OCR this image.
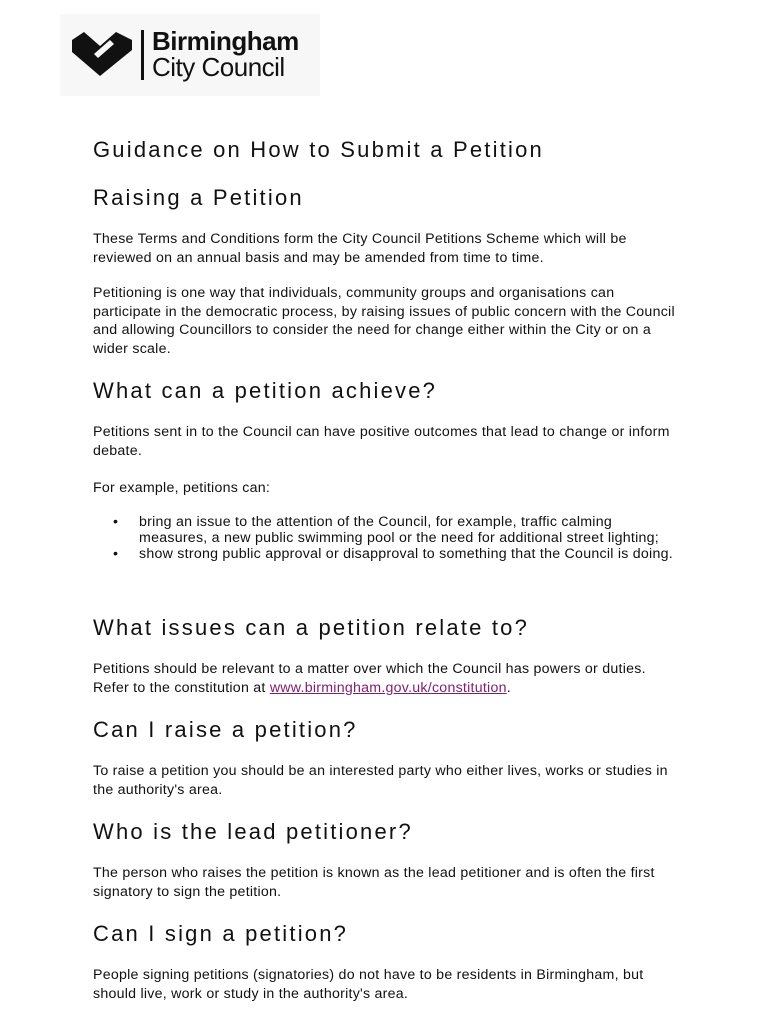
Birmingham
City Council
Guidance on How to Submit a Petition
Raising a Petition

These Terms and Conditions form the City Council Petitions Scheme which will be reviewed on an annual basis and may be amended from time to time.

Petitioning is one way that individuals, community groups and organisations can participate in the democratic process, by raising issues of public concern with the Council and allowing Councillors to consider the need for change either within the City or on a wider scale.

What can a petition achieve?

Petitions sent in to the Council can have positive outcomes that lead to change or inform debate.

For example, petitions can:

• bring an issue to the attention of the Council, for example, traffic calming measures, a new public swimming pool or the need for additional street lighting;
• show strong public approval or disapproval to something that the Council is doing.
What issues can a petition relate to?

Petitions should be relevant to a matter over which the Council has powers or duties. Refer to the constitution at www.birmingham.gov.uk/constitution.

Can I raise a petition?

To raise a petition you should be an interested party who either lives, works or studies in the authority's area.

Who is the lead petitioner?

The person who raises the petition is known as the lead petitioner and is often the first signatory to sign the petition.

Can I sign a petition?

People signing petitions (signatories) do not have to be residents in Birmingham, but should live, work or study in the authority's area.
